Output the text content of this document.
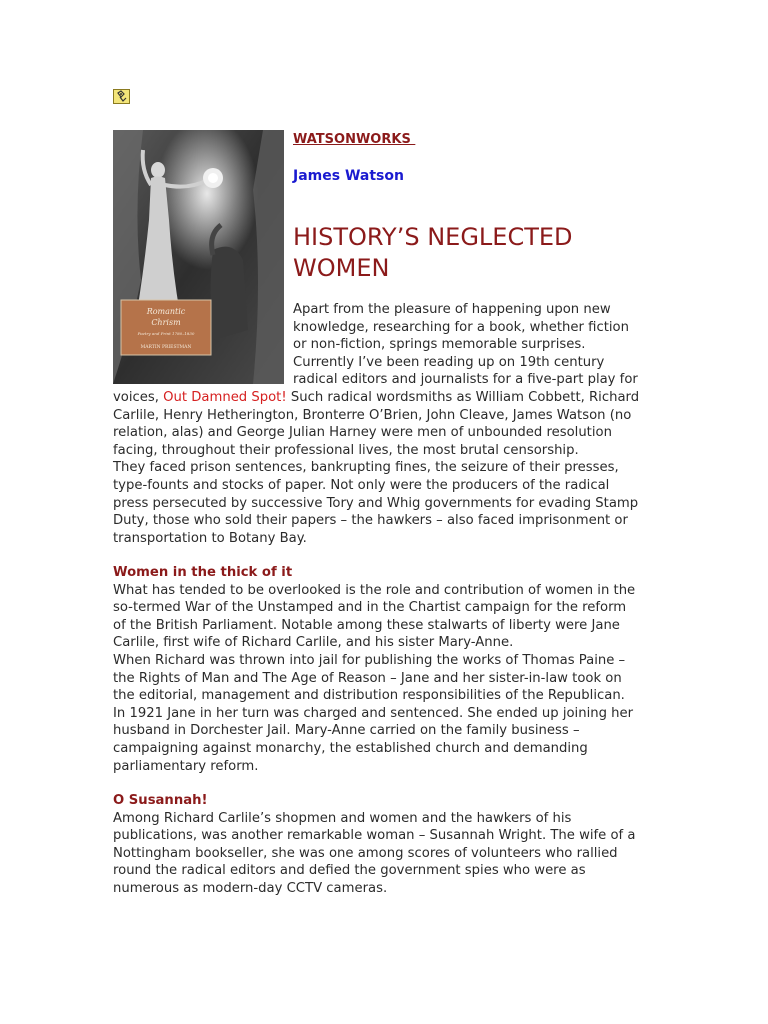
Romantic
Chrism
Poetry and Print 1780–1830
MARTIN PRIESTMAN
WATSONWORKS
James Watson
HISTORY’S NEGLECTED
WOMEN
Apart from the pleasure of happening upon new
knowledge, researching for a book, whether fiction
or non-fiction, springs memorable surprises.
Currently I’ve been reading up on 19th century
radical editors and journalists for a five-part play for
voices, Out Damned Spot! Such radical wordsmiths as William Cobbett, Richard
Carlile, Henry Hetherington, Bronterre O’Brien, John Cleave, James Watson (no
relation, alas) and George Julian Harney were men of unbounded resolution
facing, throughout their professional lives, the most brutal censorship.
They faced prison sentences, bankrupting fines, the seizure of their presses,
type-founts and stocks of paper. Not only were the producers of the radical
press persecuted by successive Tory and Whig governments for evading Stamp
Duty, those who sold their papers – the hawkers – also faced imprisonment or
transportation to Botany Bay.
Women in the thick of it
What has tended to be overlooked is the role and contribution of women in the
so-termed War of the Unstamped and in the Chartist campaign for the reform
of the British Parliament. Notable among these stalwarts of liberty were Jane
Carlile, first wife of Richard Carlile, and his sister Mary-Anne.
When Richard was thrown into jail for publishing the works of Thomas Paine –
the Rights of Man and The Age of Reason – Jane and her sister-in-law took on
the editorial, management and distribution responsibilities of the Republican.
In 1921 Jane in her turn was charged and sentenced. She ended up joining her
husband in Dorchester Jail. Mary-Anne carried on the family business –
campaigning against monarchy, the established church and demanding
parliamentary reform.
O Susannah!
Among Richard Carlile’s shopmen and women and the hawkers of his
publications, was another remarkable woman – Susannah Wright. The wife of a
Nottingham bookseller, she was one among scores of volunteers who rallied
round the radical editors and defied the government spies who were as
numerous as modern-day CCTV cameras.
